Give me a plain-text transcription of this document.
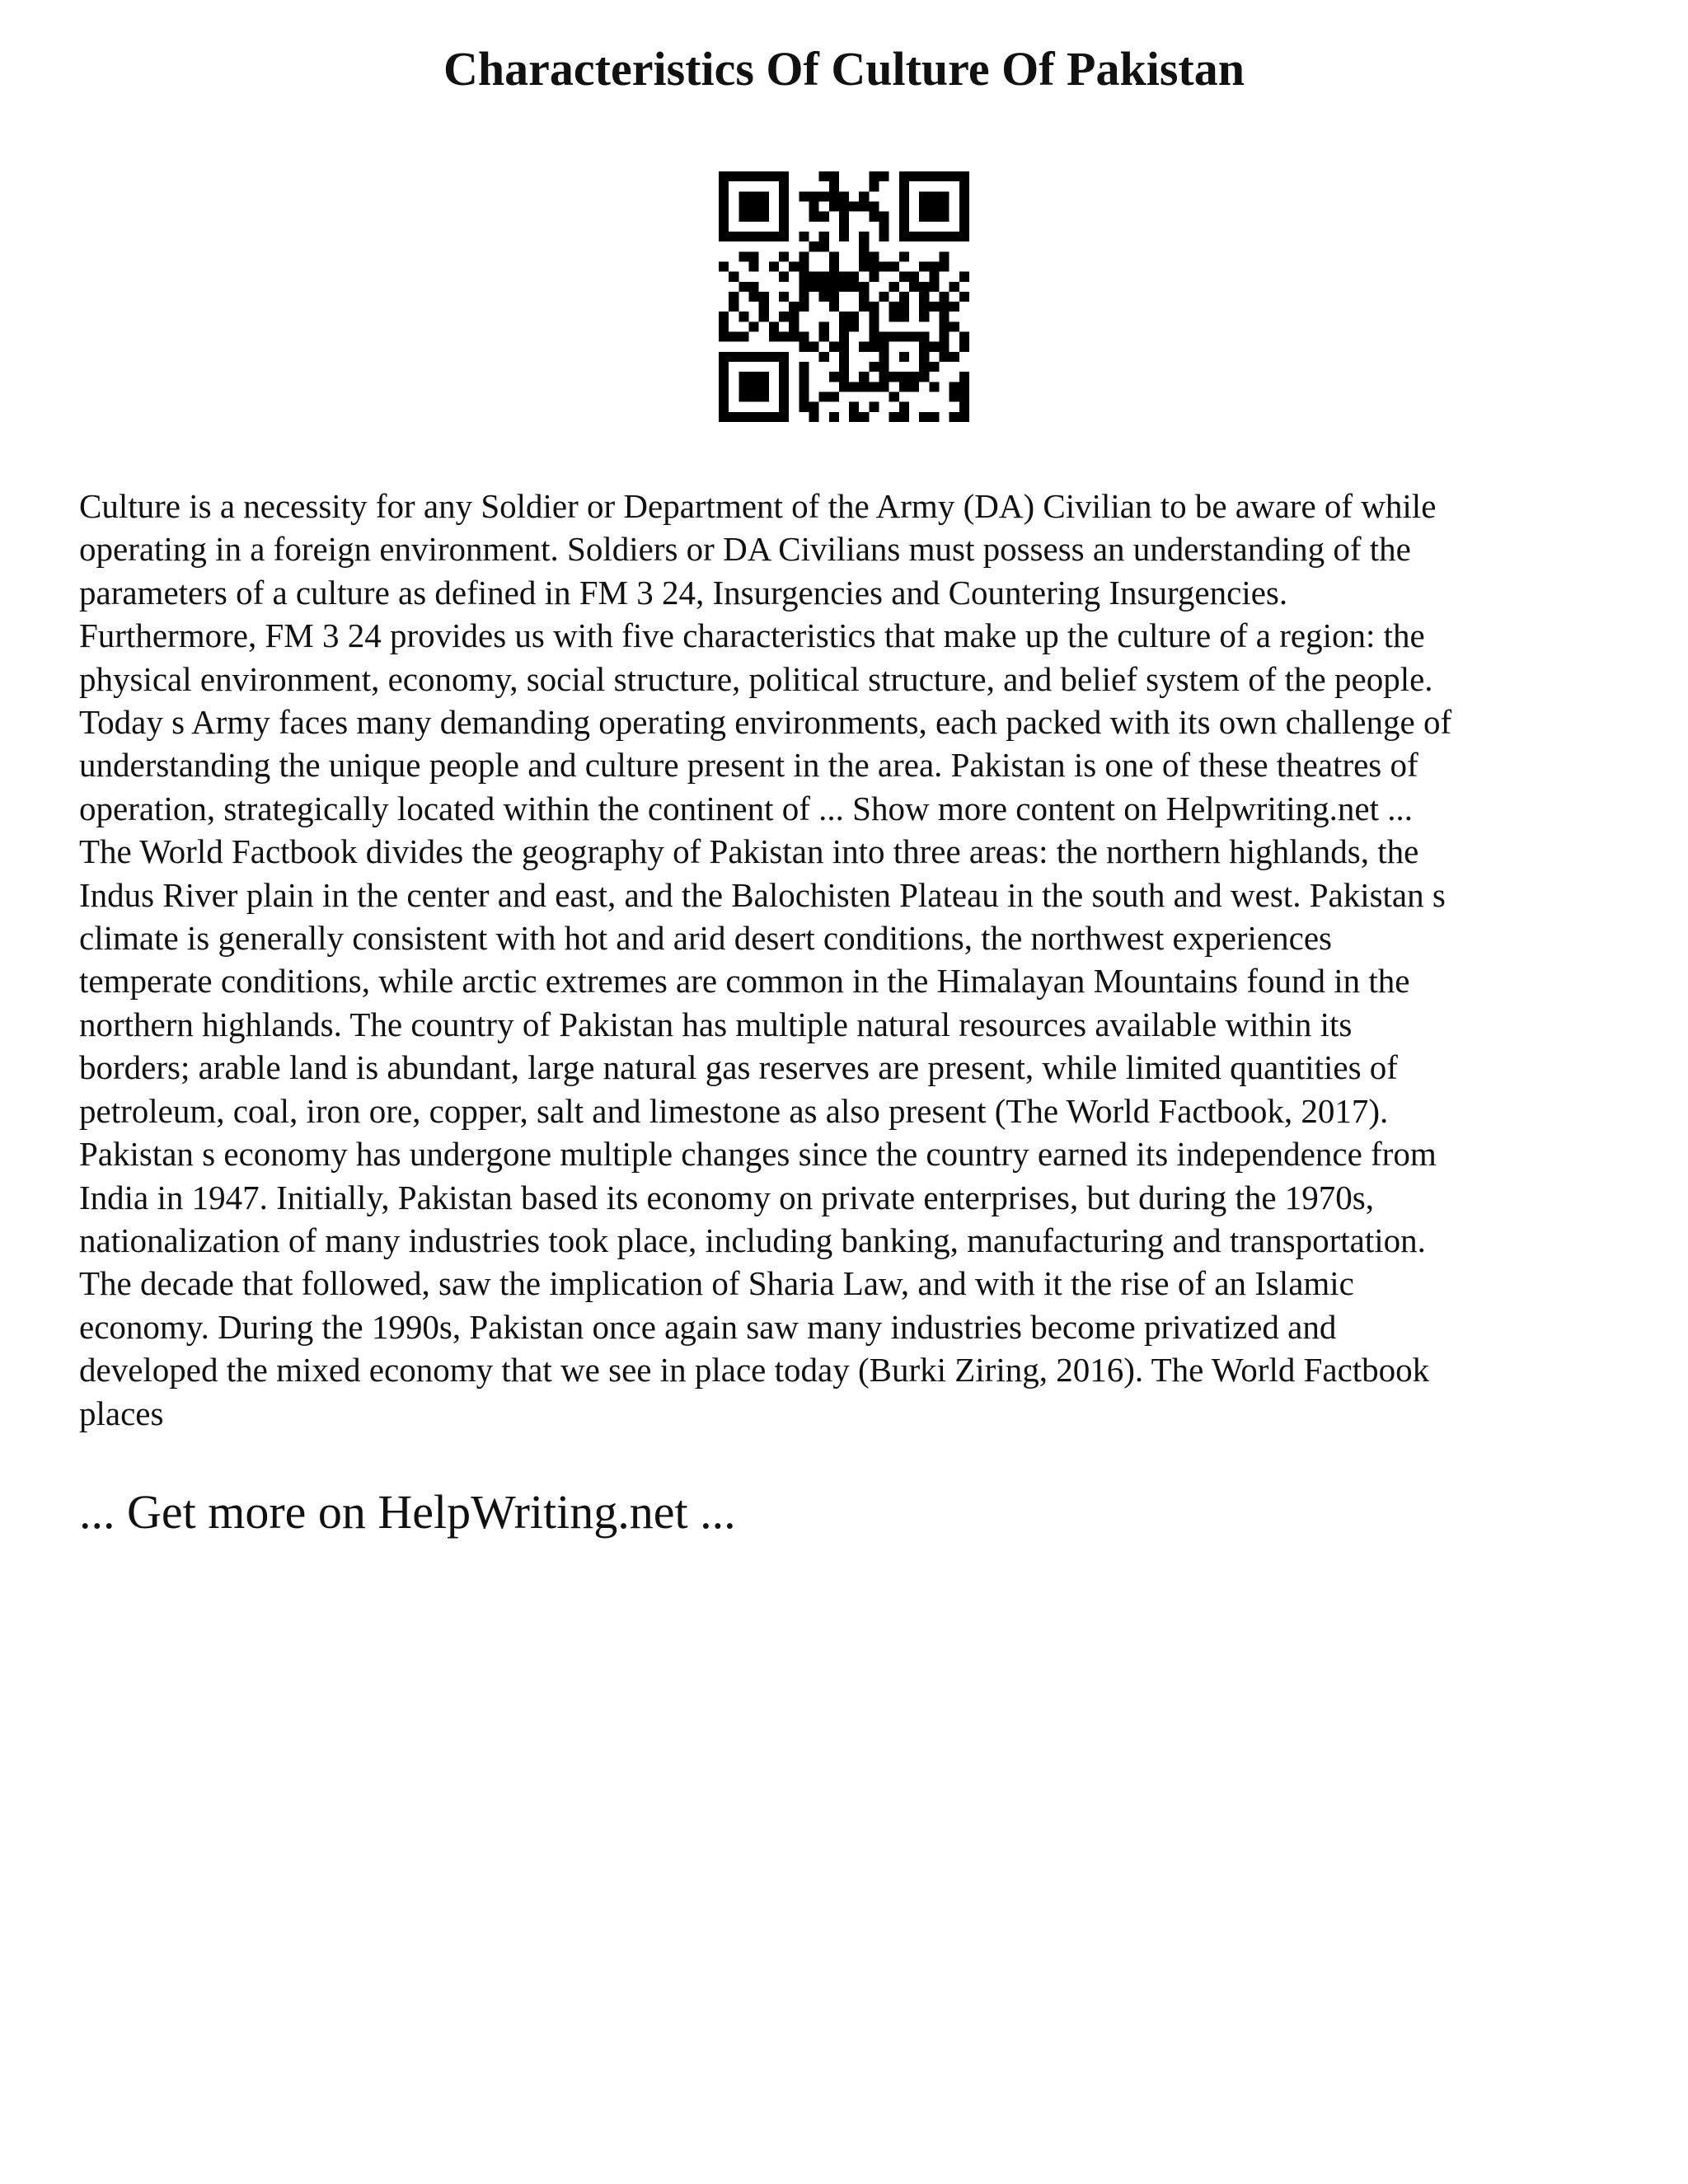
Characteristics Of Culture Of Pakistan
Culture is a necessity for any Soldier or Department of the Army (DA) Civilian to be aware of while
operating in a foreign environment. Soldiers or DA Civilians must possess an understanding of the
parameters of a culture as defined in FM 3 24, Insurgencies and Countering Insurgencies.
Furthermore, FM 3 24 provides us with five characteristics that make up the culture of a region: the
physical environment, economy, social structure, political structure, and belief system of the people.
Today s Army faces many demanding operating environments, each packed with its own challenge of
understanding the unique people and culture present in the area. Pakistan is one of these theatres of
operation, strategically located within the continent of ... Show more content on Helpwriting.net ...
The World Factbook divides the geography of Pakistan into three areas: the northern highlands, the
Indus River plain in the center and east, and the Balochisten Plateau in the south and west. Pakistan s
climate is generally consistent with hot and arid desert conditions, the northwest experiences
temperate conditions, while arctic extremes are common in the Himalayan Mountains found in the
northern highlands. The country of Pakistan has multiple natural resources available within its
borders; arable land is abundant, large natural gas reserves are present, while limited quantities of
petroleum, coal, iron ore, copper, salt and limestone as also present (The World Factbook, 2017).
Pakistan s economy has undergone multiple changes since the country earned its independence from
India in 1947. Initially, Pakistan based its economy on private enterprises, but during the 1970s,
nationalization of many industries took place, including banking, manufacturing and transportation.
The decade that followed, saw the implication of Sharia Law, and with it the rise of an Islamic
economy. During the 1990s, Pakistan once again saw many industries become privatized and
developed the mixed economy that we see in place today (Burki Ziring, 2016). The World Factbook
places
... Get more on HelpWriting.net ...
